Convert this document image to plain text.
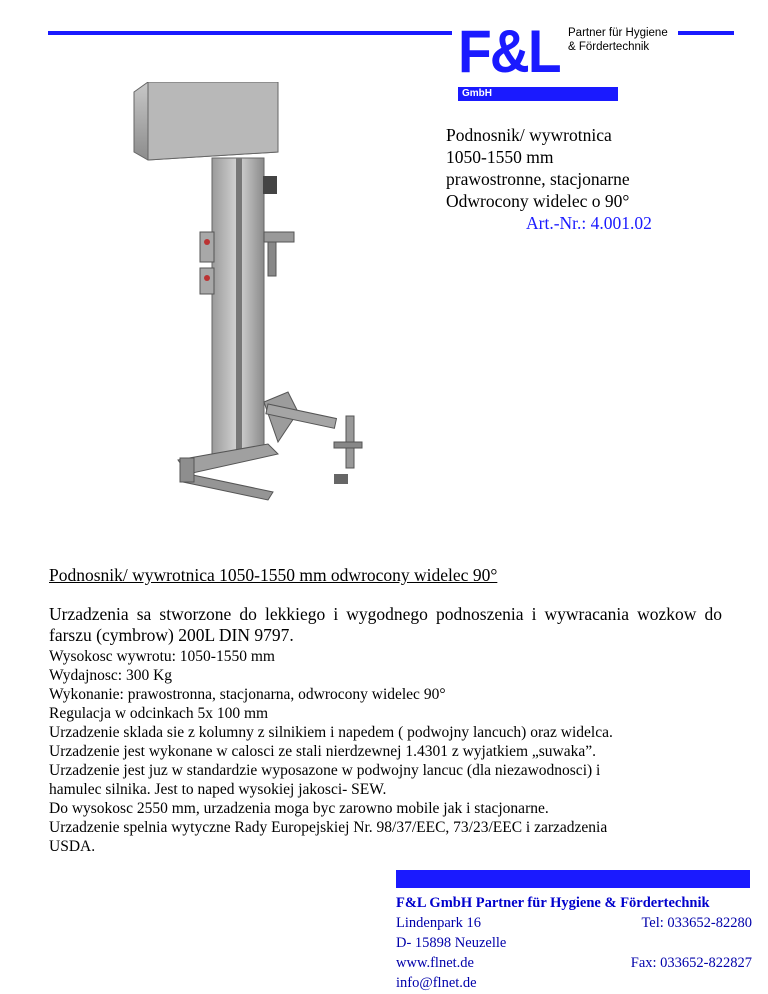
F&L Partner für Hygiene
& Fördertechnik
GmbH
Podnosnik/ wywrotnica
1050-1550 mm
prawostronne, stacjonarne
Odwrocony widelec o 90°
Art.-Nr.: 4.001.02
Podnosnik/ wywrotnica 1050-1550 mm odwrocony widelec 90°
Urzadzenia sa stworzone do lekkiego i wygodnego podnoszenia i wywracania wozkow do farszu (cymbrow) 200L DIN 9797.
Wysokosc wywrotu: 1050-1550 mm
Wydajnosc: 300 Kg
Wykonanie: prawostronna, stacjonarna, odwrocony widelec 90°
Regulacja w odcinkach 5x 100 mm
Urzadzenie sklada sie z kolumny z silnikiem i napedem ( podwojny lancuch) oraz widelca.
Urzadzenie jest wykonane w calosci ze stali nierdzewnej 1.4301 z wyjatkiem „suwaka”.
Urzadzenie jest juz w standardzie wyposazone w podwojny lancuc (dla niezawodnosci) i
hamulec silnika. Jest to naped wysokiej jakosci- SEW.
Do wysokosc 2550 mm, urzadzenia moga byc zarowno mobile jak i stacjonarne.
Urzadzenie spelnia wytyczne Rady Europejskiej Nr. 98/37/EEC, 73/23/EEC i zarzadzenia
USDA.
F&L GmbH Partner für Hygiene & Fördertechnik
Lindenpark 16	Tel: 033652-82280
D- 15898 Neuzelle
www.flnet.de	Fax: 033652-822827
info@flnet.de
